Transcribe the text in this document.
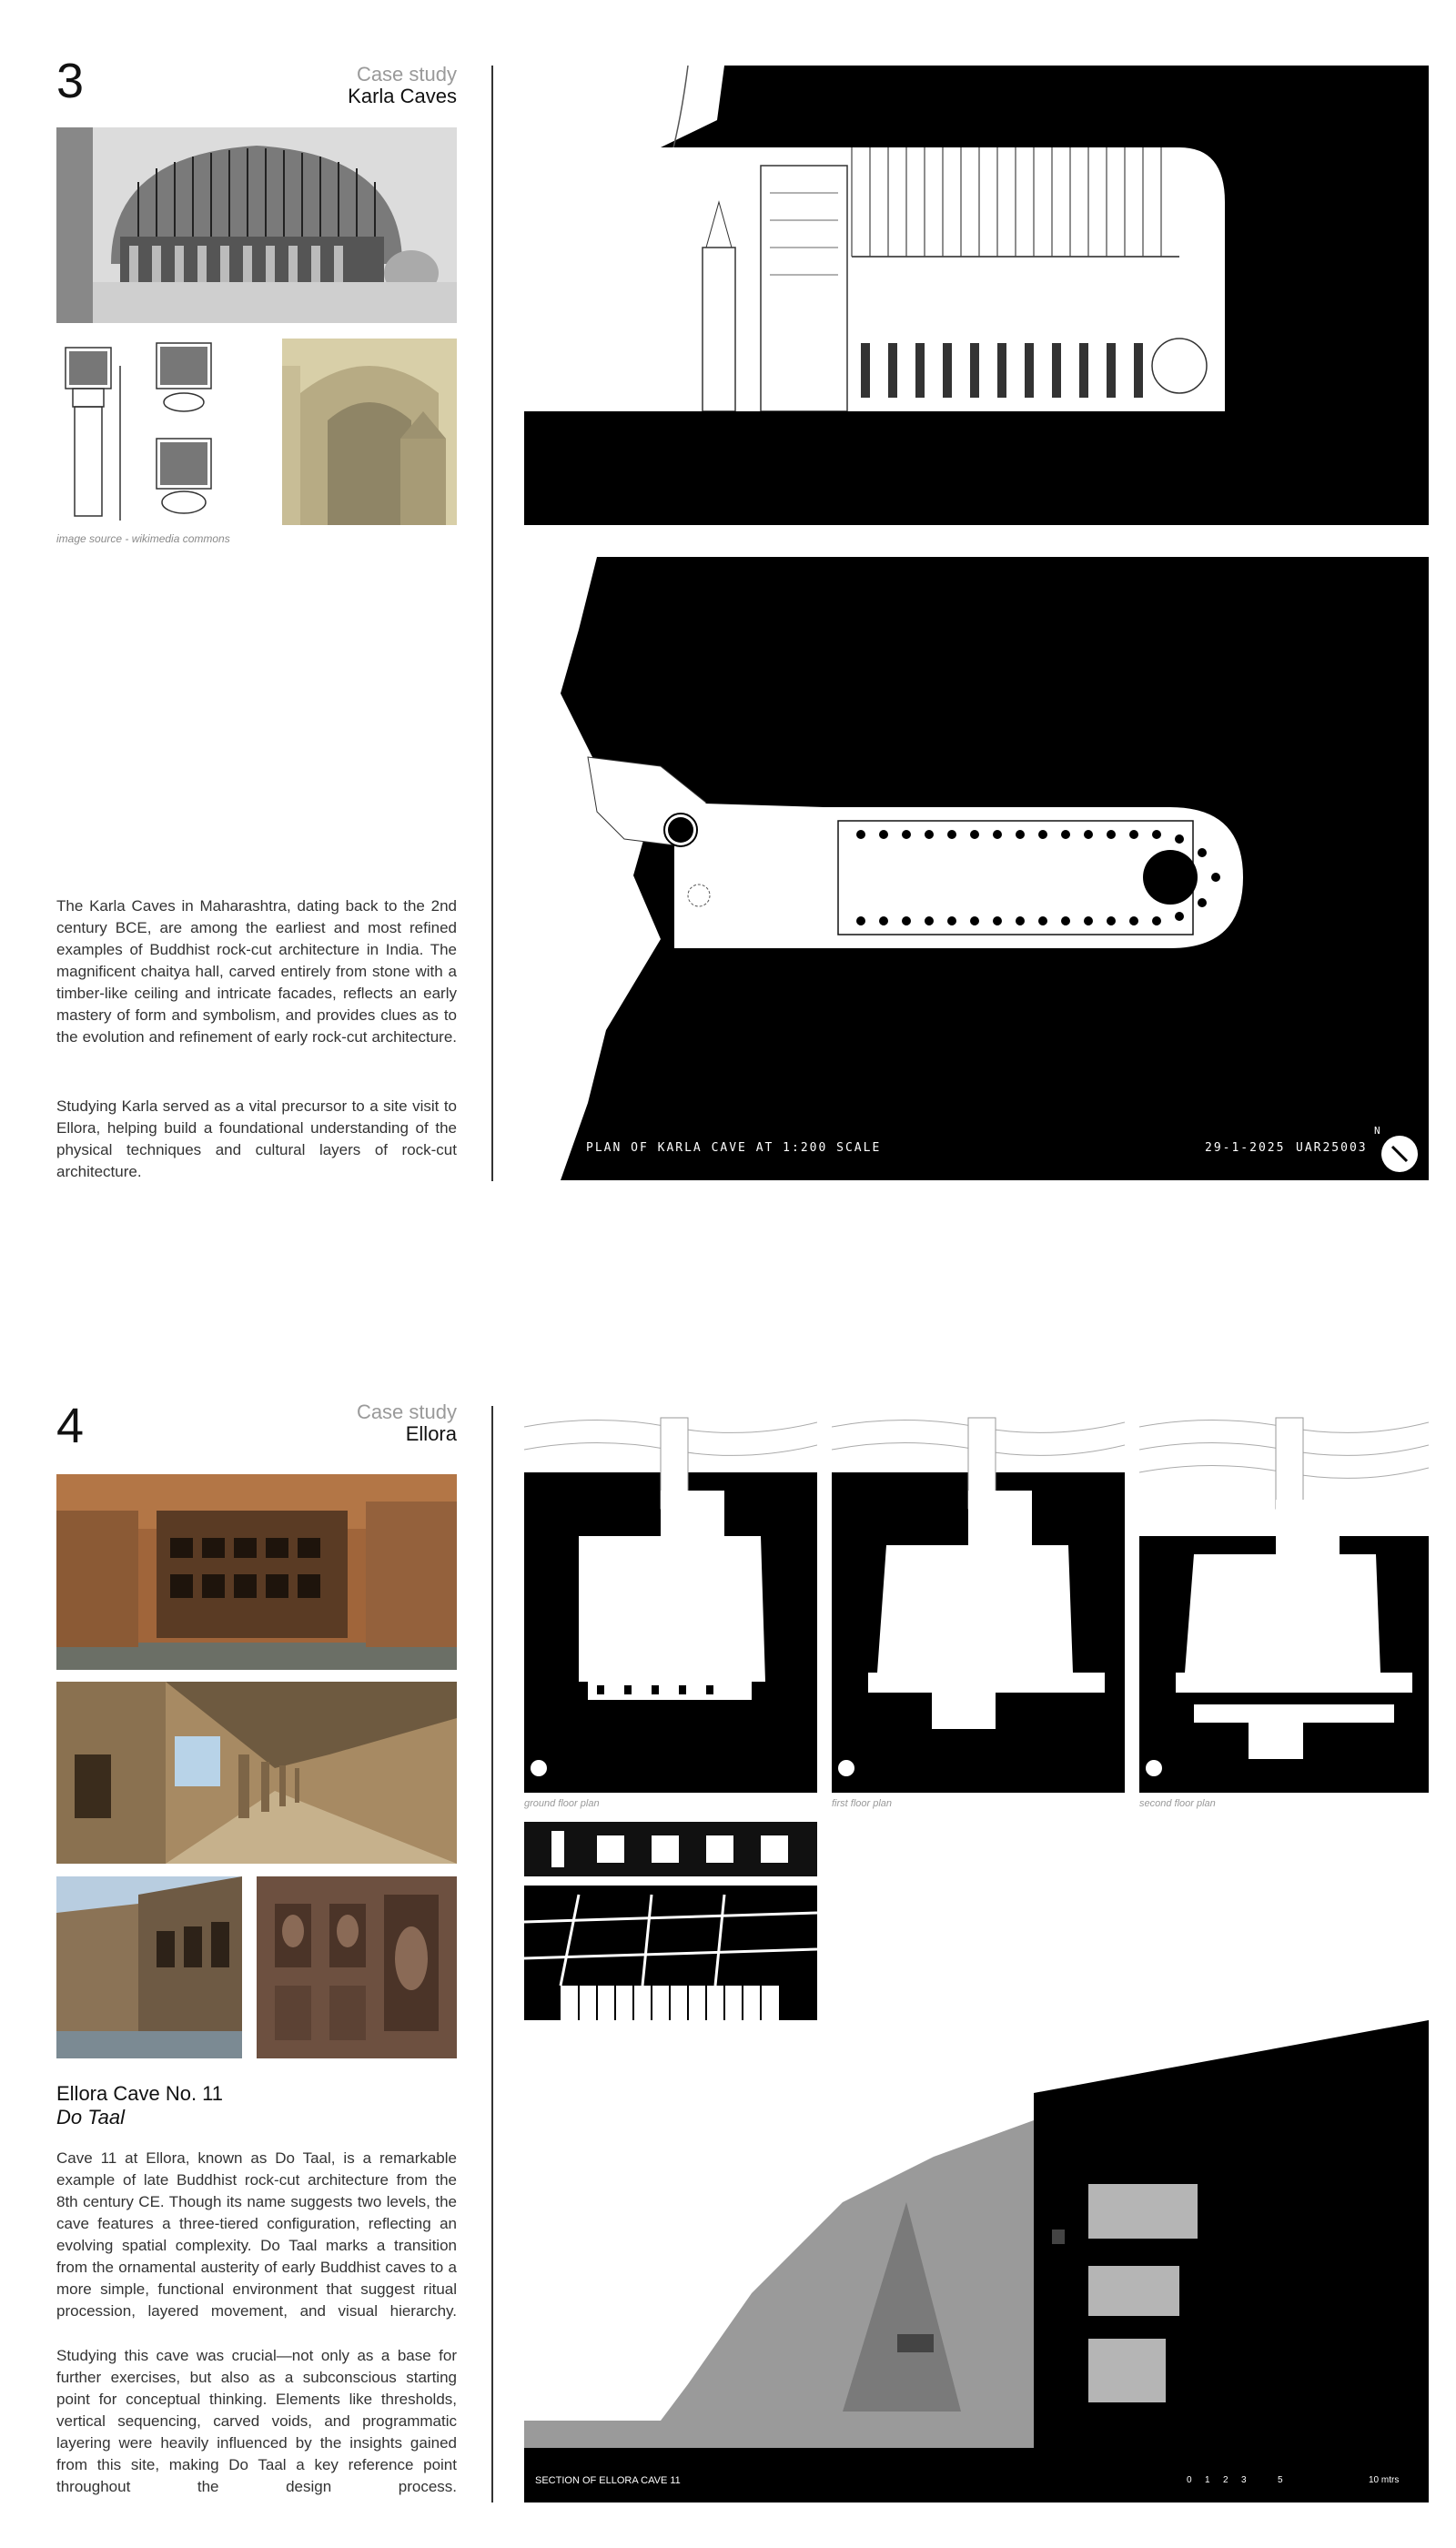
3	Case study
Karla Caves
image source - wikimedia commons
The Karla Caves in Maharashtra, dating back to the 2nd century BCE, are among the earliest and most refined examples of Buddhist rock-cut architecture in India. The magnificent chaitya hall, carved entirely from stone with a timber-like ceiling and intricate facades, reflects an early mastery of form and symbolism, and provides clues as to the evolution and refinement of early rock-cut architecture.
Studying Karla served as a vital precursor to a site visit to Ellora, helping build a foundational understanding of the physical techniques and cultural layers of rock-cut architecture.
PLAN OF KARLA CAVE AT 1:200 SCALE	29-1-2025 UAR25003
N
4	Case study
Ellora
Ellora Cave No. 11
Do Taal
Cave 11 at Ellora, known as Do Taal, is a remarkable example of late Buddhist rock-cut architecture from the 8th century CE. Though its name suggests two levels, the cave features a three-tiered configuration, reflecting an evolving spatial complexity. Do Taal marks a transition from the ornamental austerity of early Buddhist caves to a more simple, functional environment that suggest ritual procession, layered movement, and visual hierarchy.
Studying this cave was crucial—not only as a base for further exercises, but also as a subconscious starting point for conceptual thinking. Elements like thresholds, vertical sequencing, carved voids, and programmatic layering were heavily influenced by the insights gained from this site, making Do Taal a key reference point throughout the design process.
ground floor plan	first floor plan	second floor plan
SECTION OF ELLORA CAVE 11	0 1 2 3	5	10 mtrs
